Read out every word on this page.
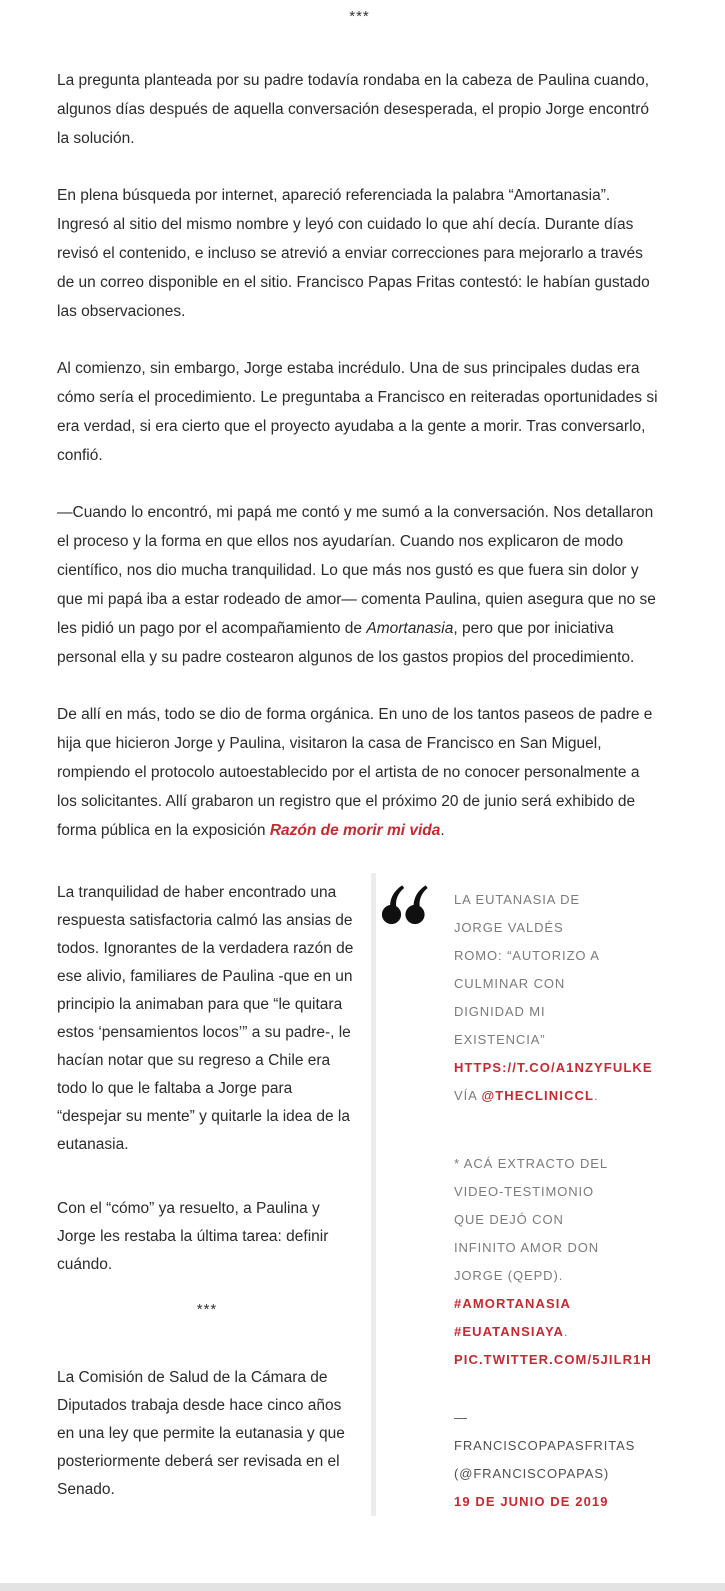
***

La pregunta planteada por su padre todavía rondaba en la cabeza de Paulina cuando, algunos días después de aquella conversación desesperada, el propio Jorge encontró la solución.

En plena búsqueda por internet, apareció referenciada la palabra “Amortanasia”. Ingresó al sitio del mismo nombre y leyó con cuidado lo que ahí decía. Durante días revisó el contenido, e incluso se atrevió a enviar correcciones para mejorarlo a través de un correo disponible en el sitio. Francisco Papas Fritas contestó: le habían gustado las observaciones.

Al comienzo, sin embargo, Jorge estaba incrédulo. Una de sus principales dudas era cómo sería el procedimiento. Le preguntaba a Francisco en reiteradas oportunidades si era verdad, si era cierto que el proyecto ayudaba a la gente a morir. Tras conversarlo, confió.

—Cuando lo encontró, mi papá me contó y me sumó a la conversación. Nos detallaron el proceso y la forma en que ellos nos ayudarían. Cuando nos explicaron de modo científico, nos dio mucha tranquilidad. Lo que más nos gustó es que fuera sin dolor y que mi papá iba a estar rodeado de amor— comenta Paulina, quien asegura que no se les pidió un pago por el acompañamiento de Amortanasia, pero que por iniciativa personal ella y su padre costearon algunos de los gastos propios del procedimiento.

De allí en más, todo se dio de forma orgánica. En uno de los tantos paseos de padre e hija que hicieron Jorge y Paulina, visitaron la casa de Francisco en San Miguel, rompiendo el protocolo autoestablecido por el artista de no conocer personalmente a los solicitantes. Allí grabaron un registro que el próximo 20 de junio será exhibido de forma pública en la exposición Razón de morir mi vida.

La tranquilidad de haber encontrado una respuesta satisfactoria calmó las ansias de todos. Ignorantes de la verdadera razón de ese alivio, familiares de Paulina -que en un principio la animaban para que “le quitara estos ‘pensamientos locos’” a su padre-, le hacían notar que su regreso a Chile era todo lo que le faltaba a Jorge para “despejar su mente” y quitarle la idea de la eutanasia.

Con el “cómo” ya resuelto, a Paulina y Jorge les restaba la última tarea: definir cuándo.

***

La Comisión de Salud de la Cámara de Diputados trabaja desde hace cinco años en una ley que permite la eutanasia y que posteriormente deberá ser revisada en el Senado.

LA EUTANASIA DE
JORGE VALDÉS
ROMO: “AUTORIZO A
CULMINAR CON
DIGNIDAD MI
EXISTENCIA”
HTTPS://T.CO/A1NZYFULKE
VÍA @THECLINICCL.
* ACÁ EXTRACTO DEL
VIDEO-TESTIMONIO
QUE DEJÓ CON
INFINITO AMOR DON
JORGE (QEPD).
#AMORTANASIA
#EUATANSIAYA.
PIC.TWITTER.COM/5JILR1H
—
FRANCISCOPAPASFRITAS
(@FRANCISCOPAPAS)
19 DE JUNIO DE 2019
